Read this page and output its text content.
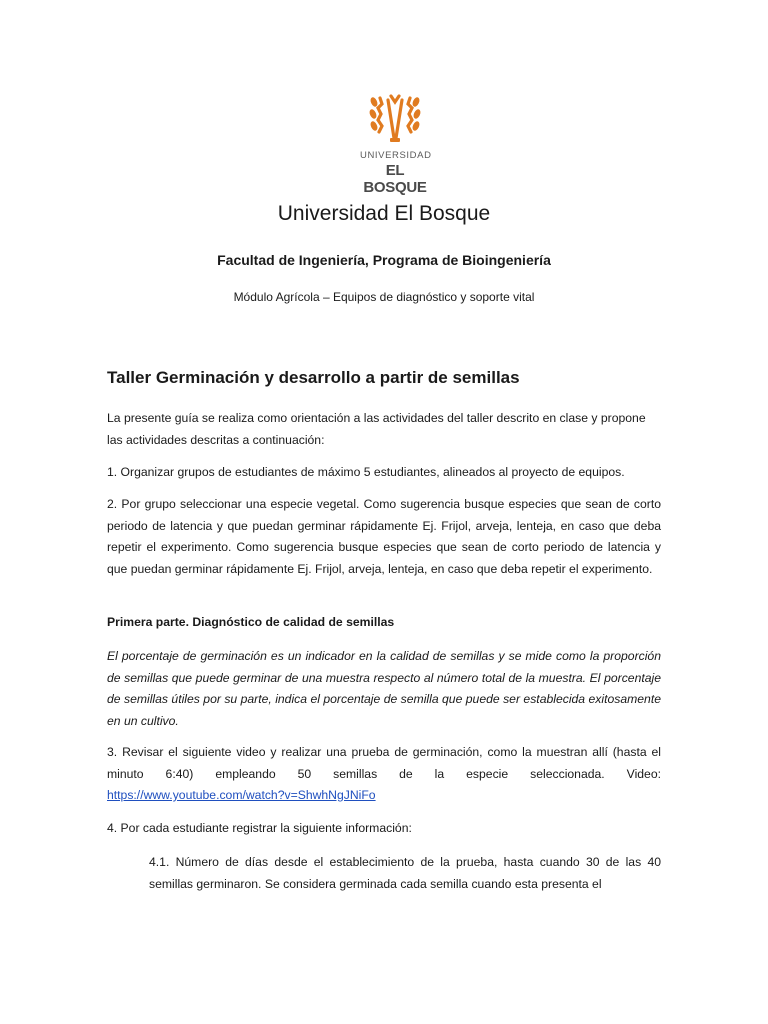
UNIVERSIDAD
EL BOSQUE
Universidad El Bosque
Facultad de Ingeniería, Programa de Bioingeniería

Módulo Agrícola – Equipos de diagnóstico y soporte vital

Taller Germinación y desarrollo a partir de semillas

La presente guía se realiza como orientación a las actividades del taller descrito en clase y propone las actividades descritas a continuación:

1. Organizar grupos de estudiantes de máximo 5 estudiantes, alineados al proyecto de equipos.

2. Por grupo seleccionar una especie vegetal. Como sugerencia busque especies que sean de corto periodo de latencia y que puedan germinar rápidamente Ej. Frijol, arveja, lenteja, en caso que deba repetir el experimento. Como sugerencia busque especies que sean de corto periodo de latencia y que puedan germinar rápidamente Ej. Frijol, arveja, lenteja, en caso que deba repetir el experimento.

Primera parte. Diagnóstico de calidad de semillas

El porcentaje de germinación es un indicador en la calidad de semillas y se mide como la proporción de semillas que puede germinar de una muestra respecto al número total de la muestra. El porcentaje de semillas útiles por su parte, indica el porcentaje de semilla que puede ser establecida exitosamente en un cultivo.

3. Revisar el siguiente video y realizar una prueba de germinación, como la muestran allí (hasta el minuto 6:40) empleando 50 semillas de la especie seleccionada. Video: https://www.youtube.com/watch?v=ShwhNgJNiFo

4. Por cada estudiante registrar la siguiente información:

4.1. Número de días desde el establecimiento de la prueba, hasta cuando 30 de las 40 semillas germinaron. Se considera germinada cada semilla cuando esta presenta el
